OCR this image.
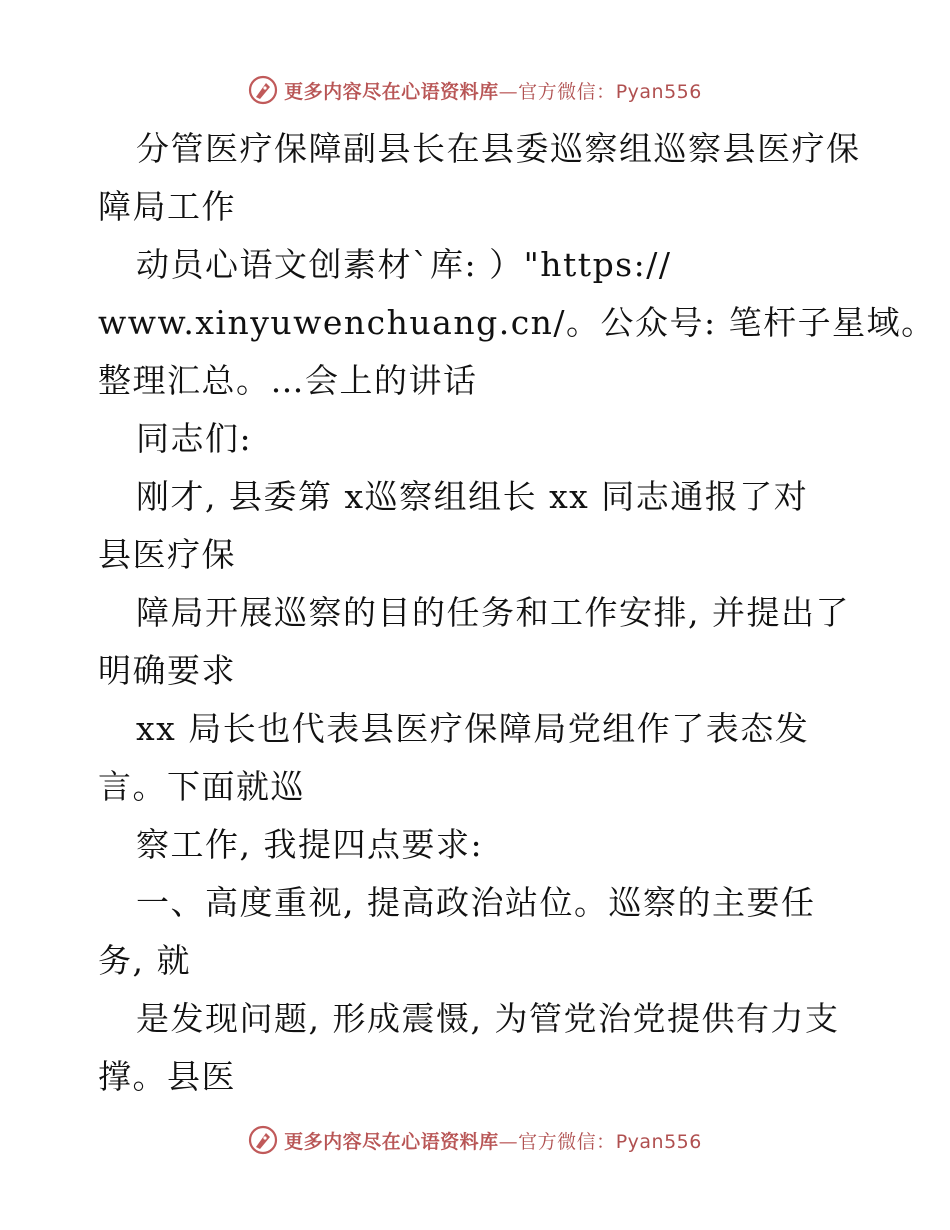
更多内容尽在心语资料库—官方微信：Pyan556
分管医疗保障副县长在县委巡察组巡察县医疗保
障局工作
动员心语文创素材`库: ）"https://
www.xinyuwenchuang.cn/。公众号: 笔杆子星域。
整理汇总。…会上的讲话
同志们:
刚才, 县委第 x巡察组组长 xx 同志通报了对
县医疗保
障局开展巡察的目的任务和工作安排, 并提出了
明确要求
xx 局长也代表县医疗保障局党组作了表态发
言。下面就巡
察工作, 我提四点要求:
一、高度重视, 提高政治站位。巡察的主要任
务, 就
是发现问题, 形成震慑, 为管党治党提供有力支
撑。县医
更多内容尽在心语资料库—官方微信：Pyan556
